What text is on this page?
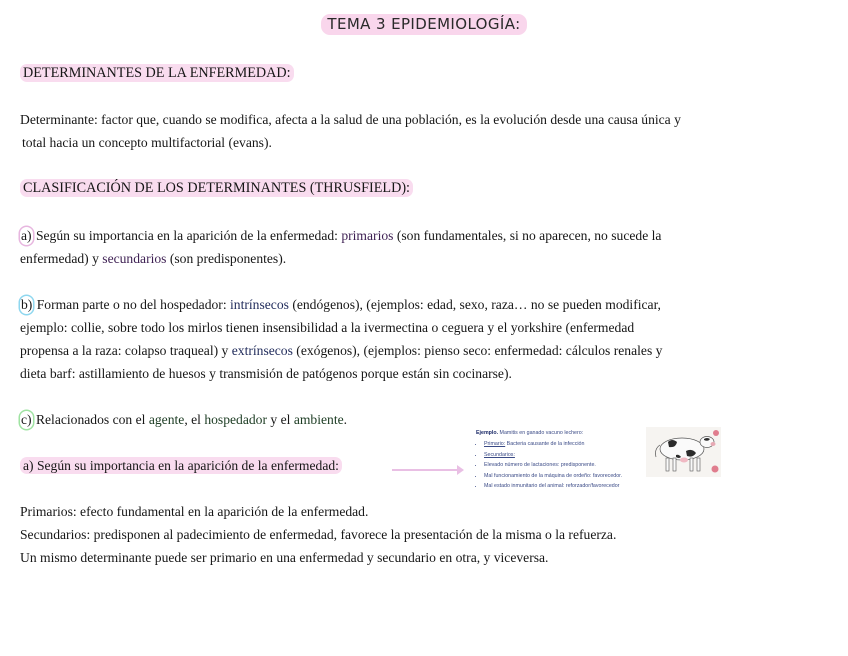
TEMA 3 EPIDEMIOLOGÍA:
DETERMINANTES DE LA ENFERMEDAD:
Determinante: factor que, cuando se modifica, afecta a la salud de una población, es la evolución desde una causa única y
total hacia un concepto multifactorial (evans).
CLASIFICACIÓN DE LOS DETERMINANTES (THRUSFIELD):
a) Según su importancia en la aparición de la enfermedad: primarios (son fundamentales, si no aparecen, no sucede la
enfermedad) y secundarios (son predisponentes).
b) Forman parte o no del hospedador: intrínsecos (endógenos), (ejemplos: edad, sexo, raza… no se pueden modificar,
ejemplo: collie, sobre todo los mirlos tienen insensibilidad a la ivermectina o ceguera y el yorkshire (enfermedad
propensa a la raza: colapso traqueal) y extrínsecos (exógenos), (ejemplos: pienso seco: enfermedad: cálculos renales y
dieta barf: astillamiento de huesos y transmisión de patógenos porque están sin cocinarse).
c) Relacionados con el agente, el hospedador y el ambiente.
a) Según su importancia en la aparición de la enfermedad:
Ejemplo. Mamitis en ganado vacuno lechero:
• Primario: Bacteria causante de la infección
• Secundarios:
• Elevado número de lactaciones: predisponente.
• Mal funcionamiento de la máquina de ordeño: favorecedor.
• Mal estado inmunitario del animal: reforzador/favorecedor
Primarios: efecto fundamental en la aparición de la enfermedad.
Secundarios: predisponen al padecimiento de enfermedad, favorece la presentación de la misma o la refuerza.
Un mismo determinante puede ser primario en una enfermedad y secundario en otra, y viceversa.
